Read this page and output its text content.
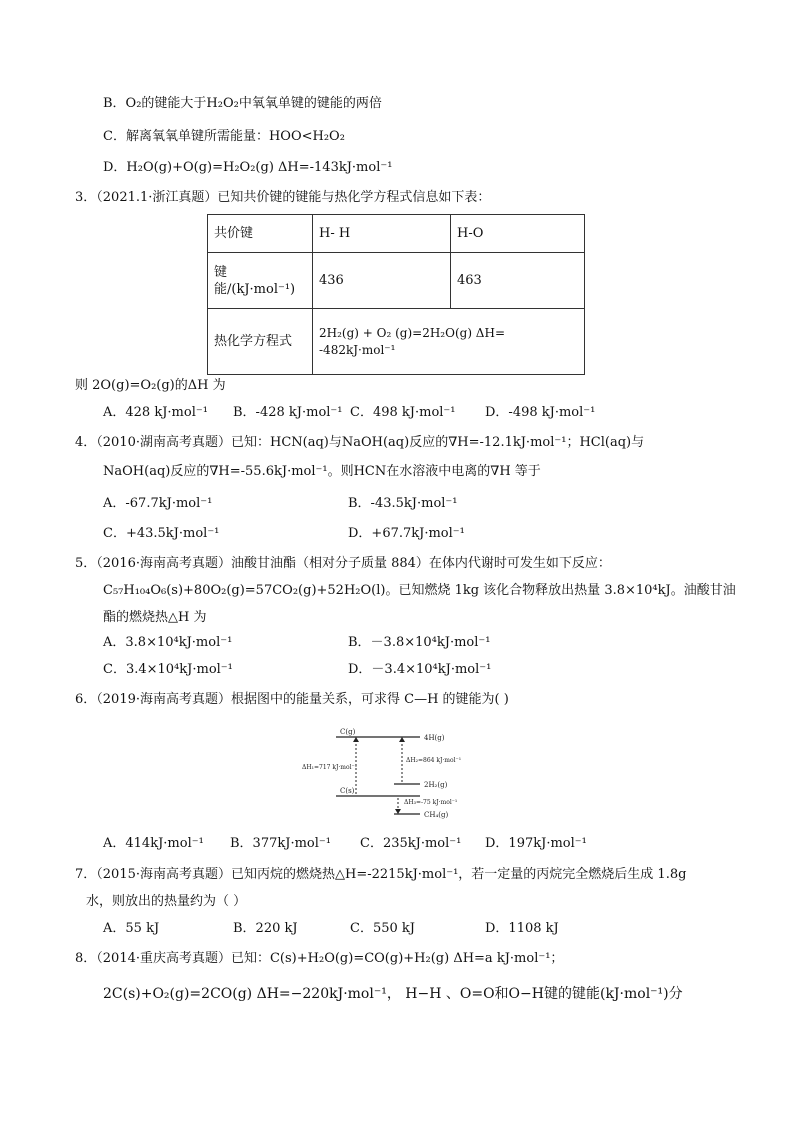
B．O₂的键能大于H₂O₂中氧氧单键的键能的两倍
C．解离氧氧单键所需能量：HOO<H₂O₂
D．H₂O(g)+O(g)=H₂O₂(g) ΔH=-143kJ·mol⁻¹
3．（2021.1·浙江真题）已知共价键的键能与热化学方程式信息如下表：
共价键	H- H	H-O
键能/(kJ·mol⁻¹)	436	463
热化学方程式	2H₂(g) + O₂ (g)=2H₂O(g) ΔH= -482kJ·mol⁻¹	
则 2O(g)=O₂(g)的ΔH 为
A．428 kJ·mol⁻¹ B．-428 kJ·mol⁻¹ C．498 kJ·mol⁻¹ D．-498 kJ·mol⁻¹
4．（2010·湖南高考真题）已知：HCN(aq)与NaOH(aq)反应的∇H=-12.1kJ·mol⁻¹；HCl(aq)与
NaOH(aq)反应的∇H=-55.6kJ·mol⁻¹。则HCN在水溶液中电离的∇H 等于
A．-67.7kJ·mol⁻¹	B．-43.5kJ·mol⁻¹
C．+43.5kJ·mol⁻¹	D．+67.7kJ·mol⁻¹
5．（2016·海南高考真题）油酸甘油酯（相对分子质量 884）在体内代谢时可发生如下反应：
C₅₇H₁₀₄O₆(s)+80O₂(g)=57CO₂(g)+52H₂O(l)。已知燃烧 1kg 该化合物释放出热量 3.8×10⁴kJ。油酸甘油
酯的燃烧热△H 为
A．3.8×10⁴kJ·mol⁻¹	B．－3.8×10⁴kJ·mol⁻¹
C．3.4×10⁴kJ·mol⁻¹	D．－3.4×10⁴kJ·mol⁻¹
6．（2019·海南高考真题）根据图中的能量关系，可求得 C—H 的键能为( )
C(g)
C(s)
4H(g)
2H₂(g)
CH₄(g)
ΔH₁=717 kJ·mol⁻¹
ΔH₂=864 kJ·mol⁻¹
ΔH₃=-75 kJ·mol⁻¹
A．414kJ·mol⁻¹ B．377kJ·mol⁻¹ C．235kJ·mol⁻¹ D．197kJ·mol⁻¹
7．（2015·海南高考真题）已知丙烷的燃烧热△H=-2215kJ·mol⁻¹，若一定量的丙烷完全燃烧后生成 1.8g
水，则放出的热量约为（ ）
A．55 kJ	B．220 kJ	C．550 kJ	D．1108 kJ
8．（2014·重庆高考真题）已知：C(s)+H₂O(g)=CO(g)+H₂(g) ΔH=a kJ·mol⁻¹；
2C(s)+O₂(g)=2CO(g) ΔH=−220kJ·mol⁻¹， H−H 、O=O和O−H键的键能(kJ·mol⁻¹)分
